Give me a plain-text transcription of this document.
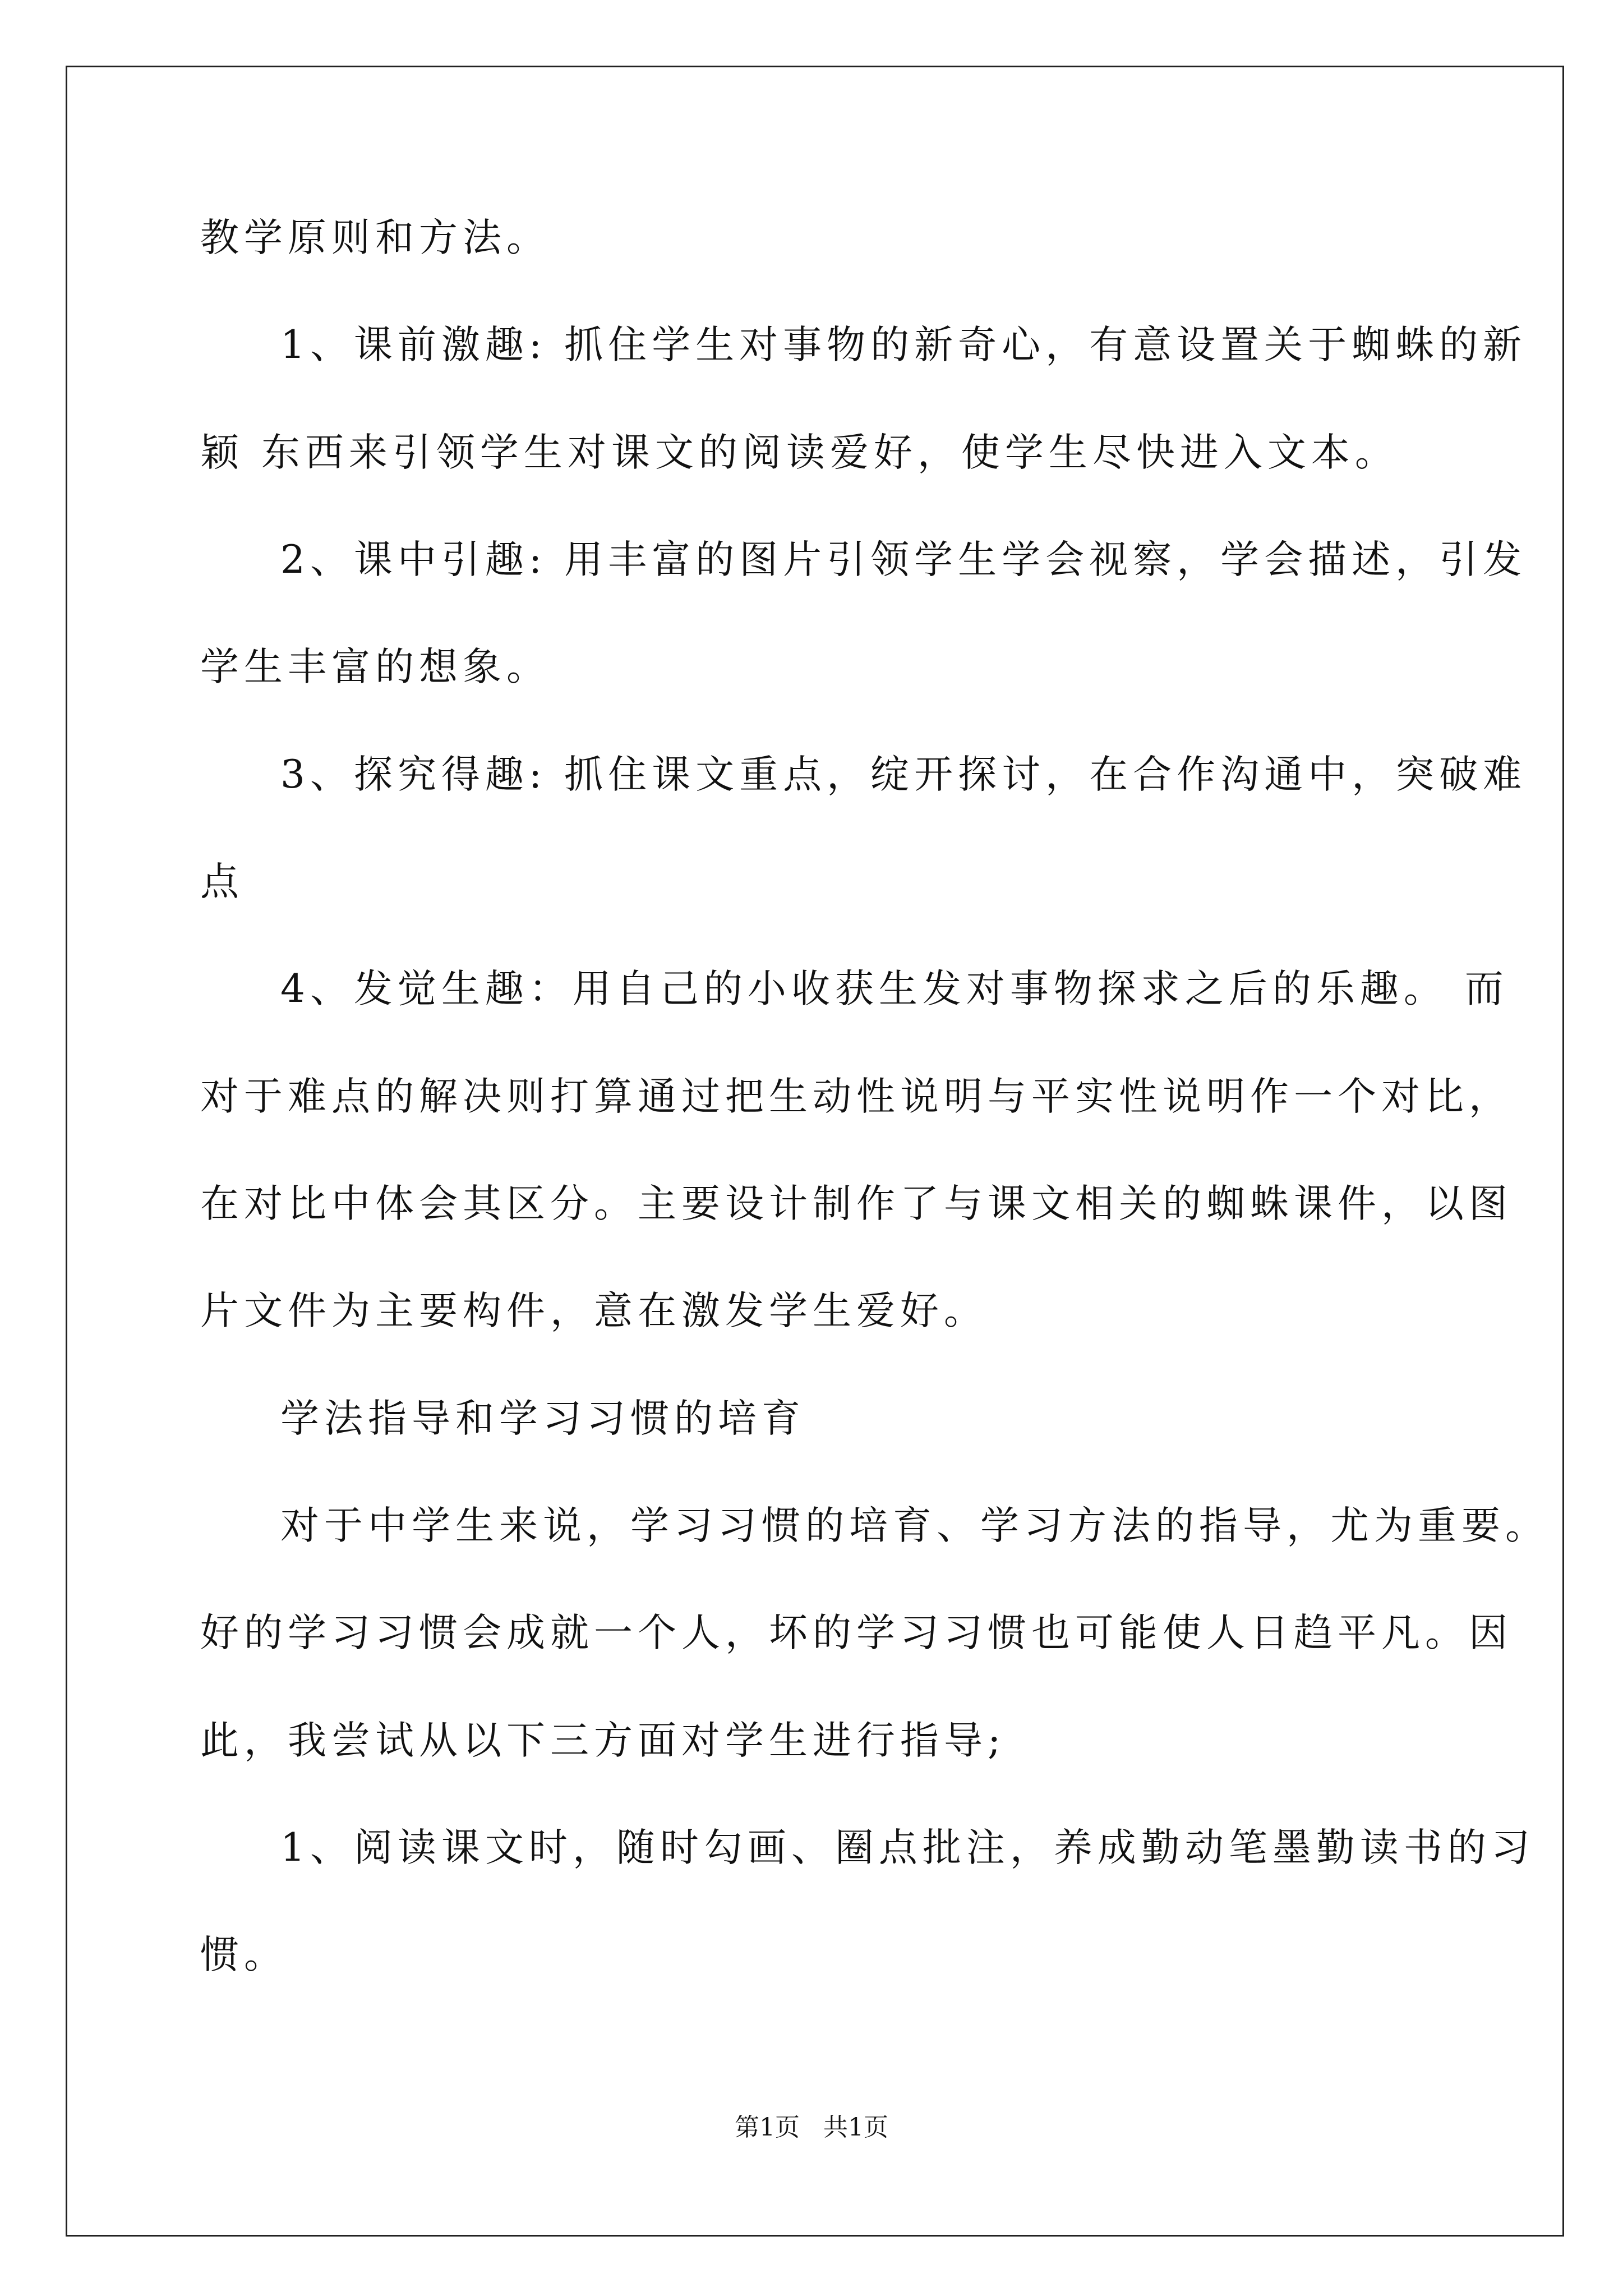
教学原则和方法。

1、课前激趣: 抓住学生对事物的新奇心，有意设置关于蜘蛛的新

颖 东西来引领学生对课文的阅读爱好，使学生尽快进入文本。

2、课中引趣: 用丰富的图片引领学生学会视察，学会描述，引发

学生丰富的想象。

3、探究得趣: 抓住课文重点，绽开探讨，在合作沟通中，突破难

点

4、发觉生趣：用自己的小收获生发对事物探求之后的乐趣。 而

对于难点的解决则打算通过把生动性说明与平实性说明作一个对比，

在对比中体会其区分。主要设计制作了与课文相关的蜘蛛课件，以图

片文件为主要构件，意在激发学生爱好。

学法指导和学习习惯的培育

对于中学生来说，学习习惯的培育、学习方法的指导，尤为重要。

好的学习习惯会成就一个人，坏的学习习惯也可能使人日趋平凡。因

此，我尝试从以下三方面对学生进行指导;

1、阅读课文时，随时勾画、圈点批注，养成勤动笔墨勤读书的习

惯。

第1页   共1页
